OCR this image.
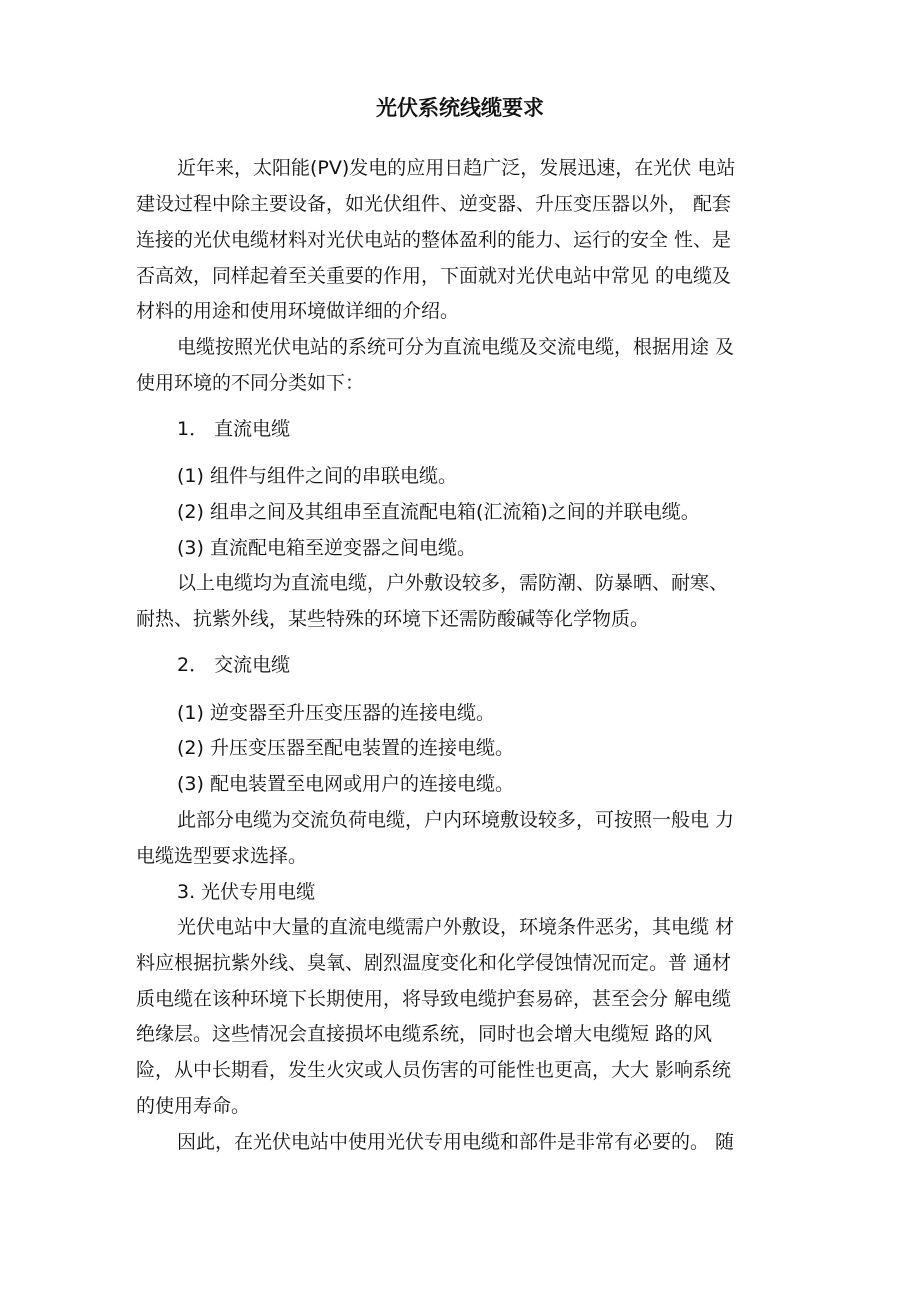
光伏系统线缆要求

近年来，太阳能(PV)发电的应用日趋广泛，发展迅速，在光伏 电站

建设过程中除主要设备，如光伏组件、逆变器、升压变压器以外， 配套

连接的光伏电缆材料对光伏电站的整体盈利的能力、运行的安全 性、是

否高效，同样起着至关重要的作用，下面就对光伏电站中常见 的电缆及

材料的用途和使用环境做详细的介绍。

电缆按照光伏电站的系统可分为直流电缆及交流电缆，根据用途 及

使用环境的不同分类如下：

1． 直流电缆

(1) 组件与组件之间的串联电缆。

(2) 组串之间及其组串至直流配电箱(汇流箱)之间的并联电缆。

(3) 直流配电箱至逆变器之间电缆。

以上电缆均为直流电缆，户外敷设较多，需防潮、防暴晒、耐寒、

耐热、抗紫外线，某些特殊的环境下还需防酸碱等化学物质。

2． 交流电缆

(1) 逆变器至升压变压器的连接电缆。

(2) 升压变压器至配电装置的连接电缆。

(3) 配电装置至电网或用户的连接电缆。

此部分电缆为交流负荷电缆，户内环境敷设较多，可按照一般电 力

电缆选型要求选择。

3. 光伏专用电缆

光伏电站中大量的直流电缆需户外敷设，环境条件恶劣，其电缆 材

料应根据抗紫外线、臭氧、剧烈温度变化和化学侵蚀情况而定。普 通材

质电缆在该种环境下长期使用，将导致电缆护套易碎，甚至会分 解电缆

绝缘层。这些情况会直接损坏电缆系统，同时也会增大电缆短 路的风

险，从中长期看，发生火灾或人员伤害的可能性也更高，大大 影响系统

的使用寿命。

因此，在光伏电站中使用光伏专用电缆和部件是非常有必要的。 随
